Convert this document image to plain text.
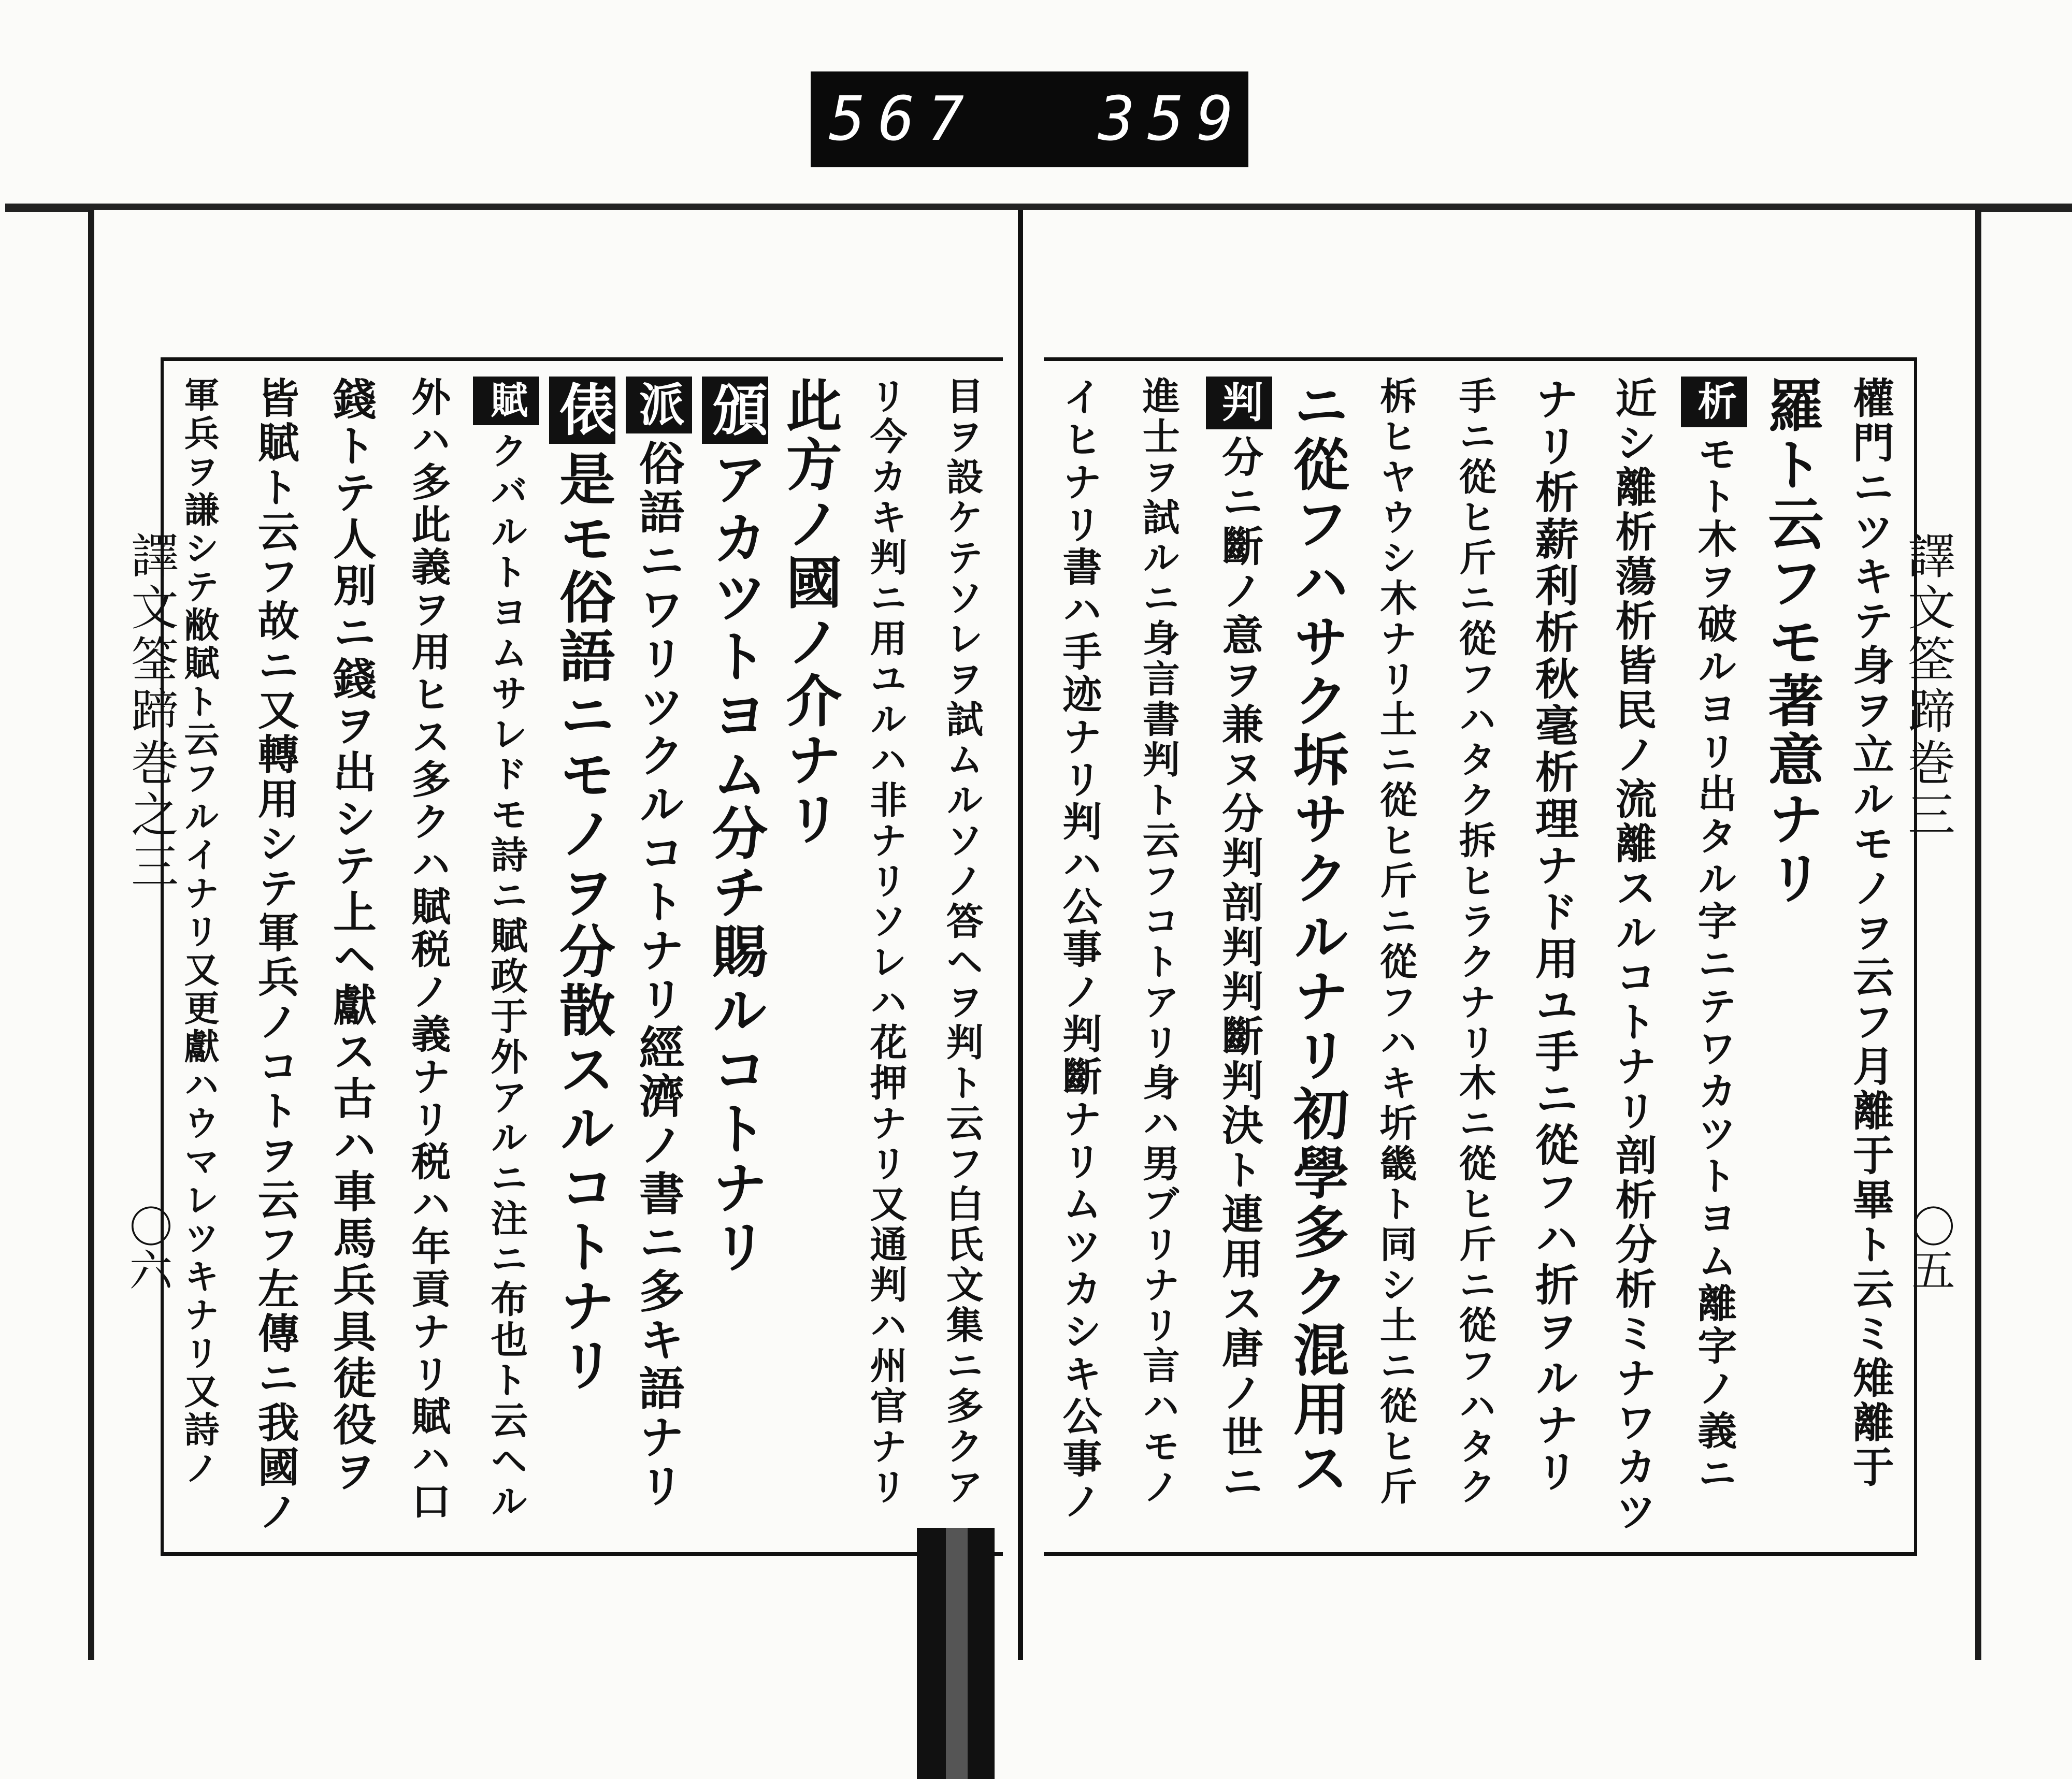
567 359
譯文筌蹄巻之三
〇六	目ヲ設ケテソレヲ試ムルソノ答ヘヲ判ト云フ白氏文集ニ多クア
リ今カキ判ニ用ユルハ非ナリソレハ花押ナリ又通判ハ州官ナリ
此方ノ國ノ介ナリ
頒アカツトヨム分チ賜ルコトナリ
派俗語ニワリツクルコトナリ經濟ノ書ニ多キ語ナリ
俵是モ俗語ニモノヲ分散スルコトナリ
賦クバルトヨムサレドモ詩ニ賦政于外アルニ注ニ布也ト云ヘル
外ハ多此義ヲ用ヒス多クハ賦税ノ義ナリ税ハ年貢ナリ賦ハ口
錢トテ人別ニ錢ヲ出シテ上ヘ獻ス古ハ車馬兵具徒役ヲ
皆賦ト云フ故ニ又轉用シテ軍兵ノコトヲ云フ左傳ニ我國ノ
軍兵ヲ謙シテ敝賦ト云フルイナリ又更獻ハウマレツキナリ又詩ノ	譯文筌蹄巻三
〇五
權門ニツキテ身ヲ立ルモノヲ云フ月離于畢ト云ミ雉離于
羅ト云フモ著意ナリ
析モト木ヲ破ルヨリ出タル字ニテワカツトヨム離字ノ義ニ
近シ離析蕩析皆民ノ流離スルコトナリ剖析分析ミナワカツ
ナリ析薪利析秋毫析理ナド用ユ手ニ從フハ折ヲルナリ
手ニ從ヒ斤ニ從フハタク拆ヒラクナリ木ニ從ヒ斤ニ從フハタク
柝ヒヤウシ木ナリ土ニ從ヒ斤ニ從フハキ圻畿ト同シ土ニ從ヒ斤
ニ從フハサク坼サクルナリ初學多ク混用ス
判分ニ斷ノ意ヲ兼ヌ分判剖判判斷判決ト連用ス唐ノ世ニ
進士ヲ試ルニ身言書判ト云フコトアリ身ハ男ブリナリ言ハモノ
イヒナリ書ハ手迹ナリ判ハ公事ノ判斷ナリムツカシキ公事ノ
